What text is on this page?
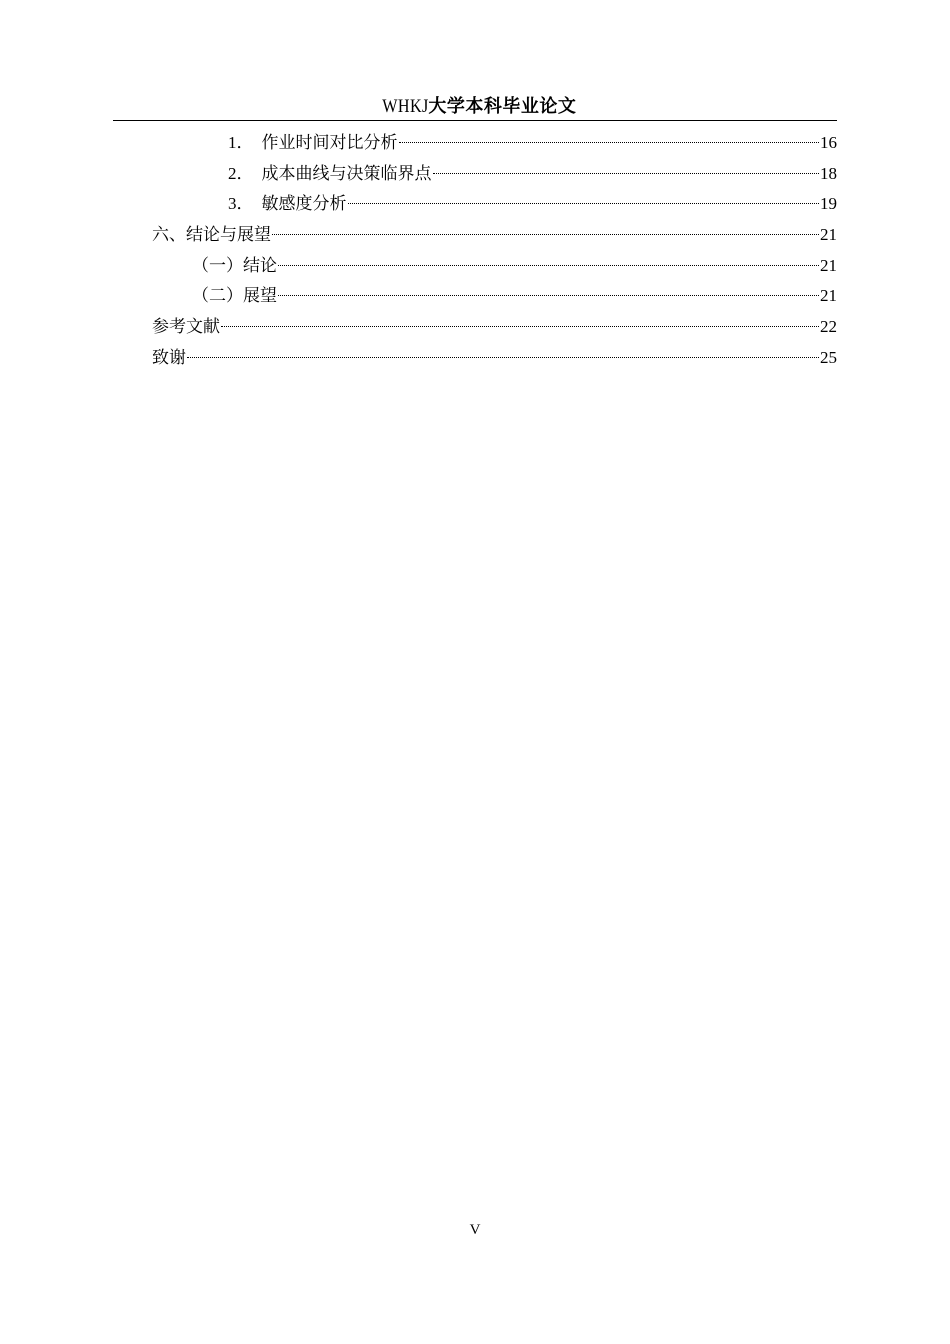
WHKJ大学本科毕业论文
1． 作业时间对比分析	16
2． 成本曲线与决策临界点	18
3． 敏感度分析	19
六、结论与展望	21
（一）结论	21
（二）展望	21
参考文献	22
致谢	25
V
